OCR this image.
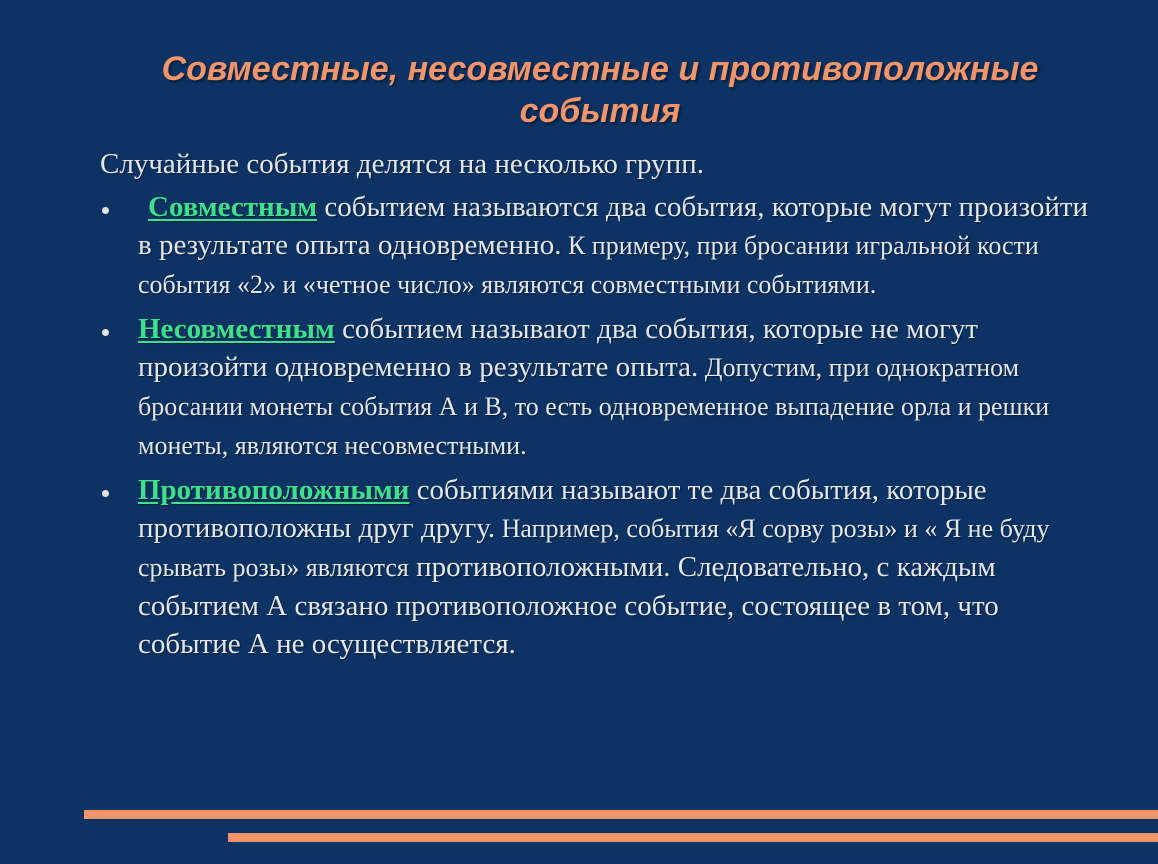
Совместные, несовместные и противоположные
события
Случайные события делятся на несколько групп.
Совместным событием называются два события, которые могут произойти в результате опыта одновременно. К примеру, при бросании игральной кости события «2» и «четное число» являются совместными событиями.
Несовместным событием называют два события, которые не могут произойти одновременно в результате опыта. Допустим, при однократном бросании монеты события А и В, то есть одновременное выпадение орла и решки монеты, являются несовместными.
Противоположными событиями называют те два события, которые противоположны друг другу. Например, события «Я сорву розы» и « Я не буду срывать розы» являются противоположными. Следовательно, с каждым событием А связано противоположное событие, состоящее в том, что событие А не осуществляется.
